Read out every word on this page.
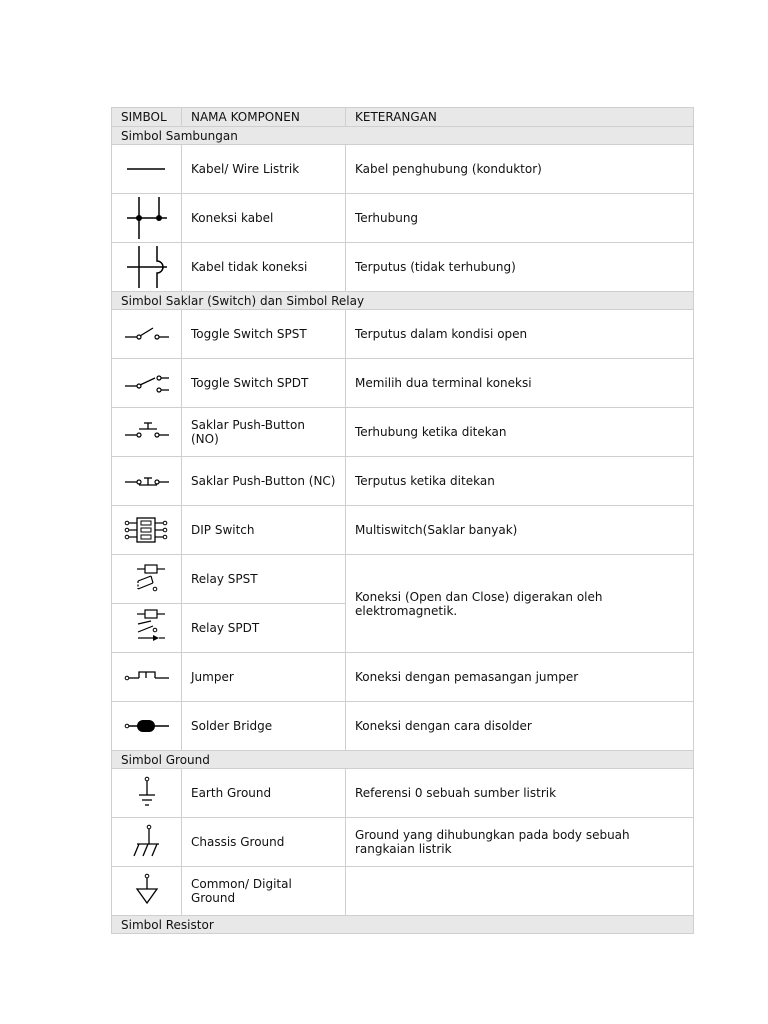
SIMBOL	NAMA KOMPONEN	KETERANGAN
Simbol Sambungan		

	Kabel/ Wire Listrik	Kabel penghubung (konduktor)

	Koneksi kabel	Terhubung

	Kabel tidak koneksi	Terputus (tidak terhubung)
Simbol Saklar (Switch) dan Simbol Relay		

	Toggle Switch SPST	Terputus dalam kondisi open

	Toggle Switch SPDT	Memilih dua terminal koneksi

	Saklar Push-Button (NO)	Terhubung ketika ditekan

	Saklar Push-Button (NC)	Terputus ketika ditekan

	DIP Switch	Multiswitch(Saklar banyak)

	Relay SPST	Koneksi (Open dan Close) digerakan oleh elektromagnetik.

	Relay SPDT	

	Jumper	Koneksi dengan pemasangan jumper

	Solder Bridge	Koneksi dengan cara disolder
Simbol Ground		

	Earth Ground	Referensi 0 sebuah sumber listrik

	Chassis Ground	Ground yang dihubungkan pada body sebuah rangkaian listrik

	Common/ Digital Ground	
Simbol Resistor		
